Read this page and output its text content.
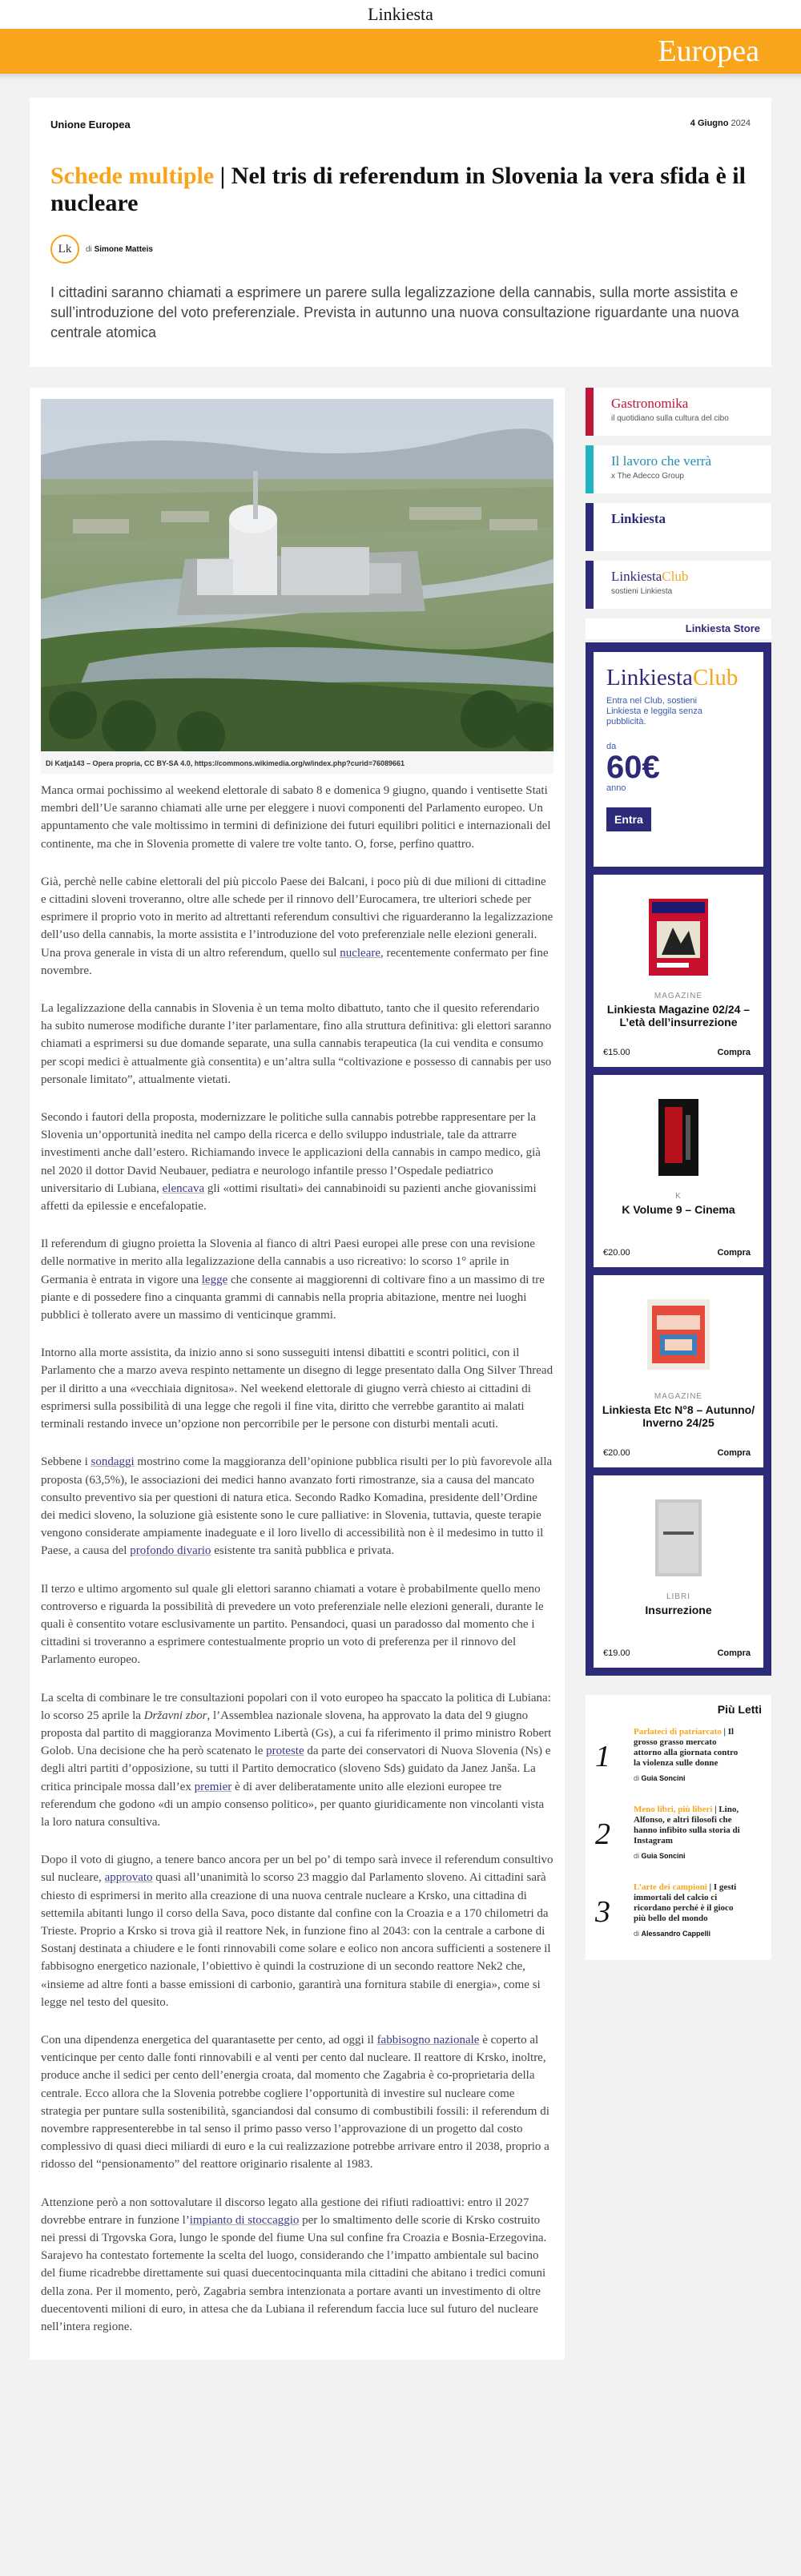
Linkiesta
Europea
Unione Europea	4 Giugno 2024
Schede multiple | Nel tris di referendum in Slovenia la vera sfida è il nucleare
Lk	di Simone Matteis

I cittadini saranno chiamati a esprimere un parere sulla legalizzazione della cannabis, sulla morte assistita e sull’introduzione del voto preferenziale. Prevista in autunno una nuova consultazione riguardante una nuova centrale atomica

Di Katja143 – Opera propria, CC BY-SA 4.0, https://commons.wikimedia.org/w/index.php?curid=76089661

Manca ormai pochissimo al weekend elettorale di sabato 8 e domenica 9 giugno, quando i ventisette Stati membri dell’Ue saranno chiamati alle urne per eleggere i nuovi componenti del Parlamento europeo. Un appuntamento che vale moltissimo in termini di definizione dei futuri equilibri politici e internazionali del continente, ma che in Slovenia promette di valere tre volte tanto. O, forse, perfino quattro.

Già, perchè nelle cabine elettorali del più piccolo Paese dei Balcani, i poco più di due milioni di cittadine e cittadini sloveni troveranno, oltre alle schede per il rinnovo dell’Eurocamera, tre ulteriori schede per esprimere il proprio voto in merito ad altrettanti referendum consultivi che riguarderanno la legalizzazione dell’uso della cannabis, la morte assistita e l’introduzione del voto preferenziale nelle elezioni generali. Una prova generale in vista di un altro referendum, quello sul nucleare, recentemente confermato per fine novembre.

La legalizzazione della cannabis in Slovenia è un tema molto dibattuto, tanto che il quesito referendario ha subito numerose modifiche durante l’iter parlamentare, fino alla struttura definitiva: gli elettori saranno chiamati a esprimersi su due domande separate, una sulla cannabis terapeutica (la cui vendita e consumo per scopi medici è attualmente già consentita) e un’altra sulla “coltivazione e possesso di cannabis per uso personale limitato”, attualmente vietati.

Secondo i fautori della proposta, modernizzare le politiche sulla cannabis potrebbe rappresentare per la Slovenia un’opportunità inedita nel campo della ricerca e dello sviluppo industriale, tale da attrarre investimenti anche dall’estero. Richiamando invece le applicazioni della cannabis in campo medico, già nel 2020 il dottor David Neubauer, pediatra e neurologo infantile presso l’Ospedale pediatrico universitario di Lubiana, elencava gli «ottimi risultati» dei cannabinoidi su pazienti anche giovanissimi affetti da epilessie e encefalopatie.

Il referendum di giugno proietta la Slovenia al fianco di altri Paesi europei alle prese con una revisione delle normative in merito alla legalizzazione della cannabis a uso ricreativo: lo scorso 1° aprile in Germania è entrata in vigore una legge che consente ai maggiorenni di coltivare fino a un massimo di tre piante e di possedere fino a cinquanta grammi di cannabis nella propria abitazione, mentre nei luoghi pubblici è tollerato avere un massimo di venticinque grammi.

Intorno alla morte assistita, da inizio anno si sono susseguiti intensi dibattiti e scontri politici, con il Parlamento che a marzo aveva respinto nettamente un disegno di legge presentato dalla Ong Silver Thread per il diritto a una «vecchiaia dignitosa». Nel weekend elettorale di giugno verrà chiesto ai cittadini di esprimersi sulla possibilità di una legge che regoli il fine vita, diritto che verrebbe garantito ai malati terminali restando invece un’opzione non percorribile per le persone con disturbi mentali acuti.

Sebbene i sondaggi mostrino come la maggioranza dell’opinione pubblica risulti per lo più favorevole alla proposta (63,5%), le associazioni dei medici hanno avanzato forti rimostranze, sia a causa del mancato consulto preventivo sia per questioni di natura etica. Secondo Radko Komadina, presidente dell’Ordine dei medici sloveno, la soluzione già esistente sono le cure palliative: in Slovenia, tuttavia, queste terapie vengono considerate ampiamente inadeguate e il loro livello di accessibilità non è il medesimo in tutto il Paese, a causa del profondo divario esistente tra sanità pubblica e privata.

Il terzo e ultimo argomento sul quale gli elettori saranno chiamati a votare è probabilmente quello meno controverso e riguarda la possibilità di prevedere un voto preferenziale nelle elezioni generali, durante le quali è consentito votare esclusivamente un partito. Pensandoci, quasi un paradosso dal momento che i cittadini si troveranno a esprimere contestualmente proprio un voto di preferenza per il rinnovo del Parlamento europeo.

La scelta di combinare le tre consultazioni popolari con il voto europeo ha spaccato la politica di Lubiana: lo scorso 25 aprile la Državni zbor, l’Assemblea nazionale slovena, ha approvato la data del 9 giugno proposta dal partito di maggioranza Movimento Libertà (Gs), a cui fa riferimento il primo ministro Robert Golob. Una decisione che ha però scatenato le proteste da parte dei conservatori di Nuova Slovenia (Ns) e degli altri partiti d’opposizione, su tutti il Partito democratico (sloveno Sds) guidato da Janez Janša. La critica principale mossa dall’ex premier è di aver deliberatamente unito alle elezioni europee tre referendum che godono «di un ampio consenso politico», per quanto giuridicamente non vincolanti vista la loro natura consultiva.

Dopo il voto di giugno, a tenere banco ancora per un bel po’ di tempo sarà invece il referendum consultivo sul nucleare, approvato quasi all’unanimità lo scorso 23 maggio dal Parlamento sloveno. Ai cittadini sarà chiesto di esprimersi in merito alla creazione di una nuova centrale nucleare a Krsko, una cittadina di settemila abitanti lungo il corso della Sava, poco distante dal confine con la Croazia e a 170 chilometri da Trieste. Proprio a Krsko si trova già il reattore Nek, in funzione fino al 2043: con la centrale a carbone di Sostanj destinata a chiudere e le fonti rinnovabili come solare e eolico non ancora sufficienti a sostenere il fabbisogno energetico nazionale, l’obiettivo è quindi la costruzione di un secondo reattore Nek2 che, «insieme ad altre fonti a basse emissioni di carbonio, garantirà una fornitura stabile di energia», come si legge nel testo del quesito.

Con una dipendenza energetica del quarantasette per cento, ad oggi il fabbisogno nazionale è coperto al venticinque per cento dalle fonti rinnovabili e al venti per cento dal nucleare. Il reattore di Krsko, inoltre, produce anche il sedici per cento dell’energia croata, dal momento che Zagabria è co-proprietaria della centrale. Ecco allora che la Slovenia potrebbe cogliere l’opportunità di investire sul nucleare come strategia per puntare sulla sostenibilità, sganciandosi dal consumo di combustibili fossili: il referendum di novembre rappresenterebbe in tal senso il primo passo verso l’approvazione di un progetto dal costo complessivo di quasi dieci miliardi di euro e la cui realizzazione potrebbe arrivare entro il 2038, proprio a ridosso del “pensionamento” del reattore originario risalente al 1983.

Attenzione però a non sottovalutare il discorso legato alla gestione dei rifiuti radioattivi: entro il 2027 dovrebbe entrare in funzione l’impianto di stoccaggio per lo smaltimento delle scorie di Krsko costruito nei pressi di Trgovska Gora, lungo le sponde del fiume Una sul confine fra Croazia e Bosnia-Erzegovina. Sarajevo ha contestato fortemente la scelta del luogo, considerando che l’impatto ambientale sul bacino del fiume ricadrebbe direttamente sui quasi duecentocinquanta mila cittadini che abitano i tredici comuni della zona. Per il momento, però, Zagabria sembra intenzionata a portare avanti un investimento di oltre duecentoventi milioni di euro, in attesa che da Lubiana il referendum faccia luce sul futuro del nucleare nell’intera regione.

Gastronomika
il quotidiano sulla cultura del cibo
Il lavoro che verrà
x The Adecco Group
Linkiesta
LinkiestaClub
sostieni Linkiesta
Linkiesta Store
LinkiestaClub
Entra nel Club, sostieni Linkiesta e leggila senza pubblicità.
da
60€
anno
Entra
MAGAZINE
Linkiesta Magazine 02/24 – L’età dell’insurrezione
€15.00	Compra
K
K Volume 9 – Cinema
€20.00	Compra
MAGAZINE
Linkiesta Etc N°8 – Autunno/ Inverno 24/25
€20.00	Compra
LIBRI
Insurrezione
€19.00	Compra
Più Letti
1
Parlateci di patriarcato | Il grosso grasso mercato attorno alla giornata contro la violenza sulle donne
di Guia Soncini
2
Meno libri, più liberi | Lino, Alfonso, e altri filosofi che hanno infibito sulla storia di Instagram
di Guia Soncini
3
L’arte dei campioni | I gesti immortali del calcio ci ricordano perché è il gioco più bello del mondo
di Alessandro Cappelli
